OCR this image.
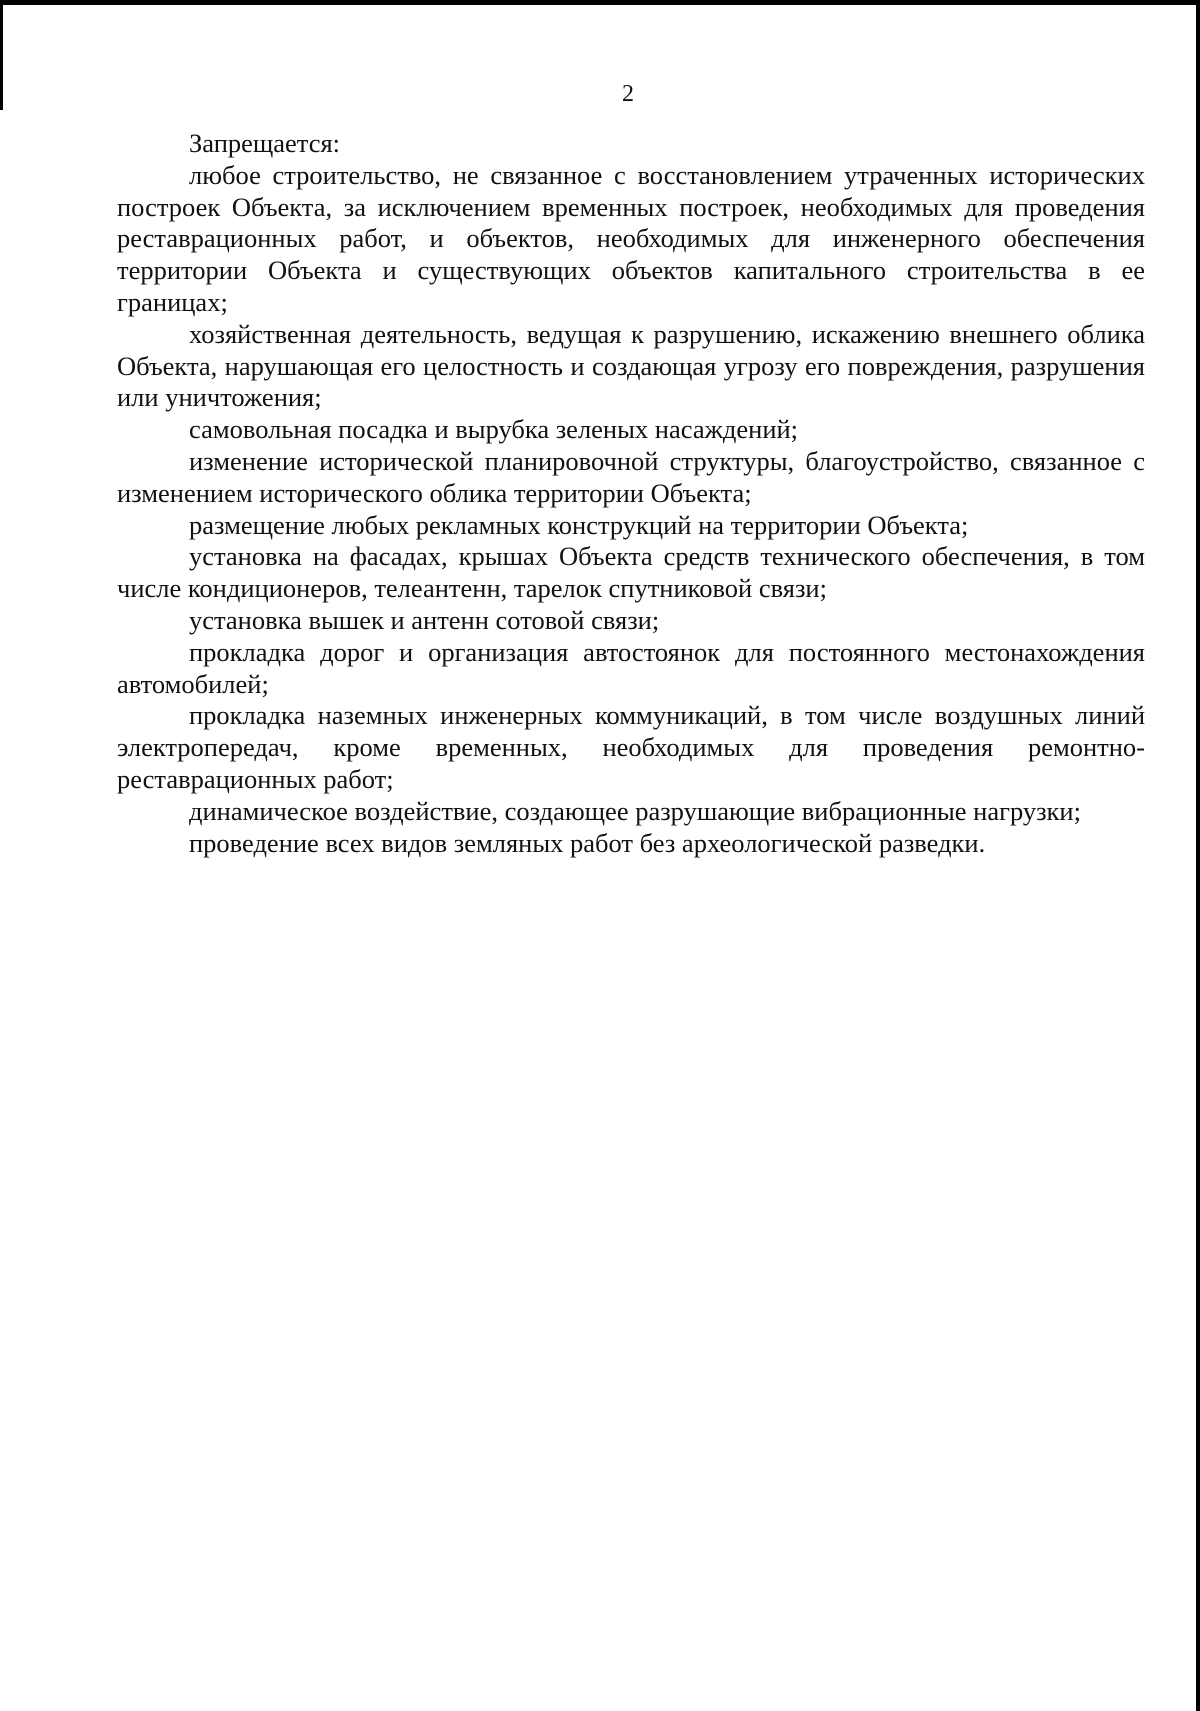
2

Запрещается:

любое строительство, не связанное с восстановлением утраченных исторических построек Объекта, за исключением временных построек, необходимых для проведения реставрационных работ, и объектов, необходимых для инженерного обеспечения территории Объекта и существующих объектов капитального строительства в ее границах;

хозяйственная деятельность, ведущая к разрушению, искажению внешнего облика Объекта, нарушающая его целостность и создающая угрозу его повреждения, разрушения или уничтожения;

самовольная посадка и вырубка зеленых насаждений;

изменение исторической планировочной структуры, благоустройство, связанное с изменением исторического облика территории Объекта;

размещение любых рекламных конструкций на территории Объекта;

установка на фасадах, крышах Объекта средств технического обеспечения, в том числе кондиционеров, телеантенн, тарелок спутниковой связи;

установка вышек и антенн сотовой связи;

прокладка дорог и организация автостоянок для постоянного местонахождения автомобилей;

прокладка наземных инженерных коммуникаций, в том числе воздушных линий электропередач, кроме временных, необходимых для проведения ремонтно-реставрационных работ;

динамическое воздействие, создающее разрушающие вибрационные нагрузки;

проведение всех видов земляных работ без археологической разведки.
